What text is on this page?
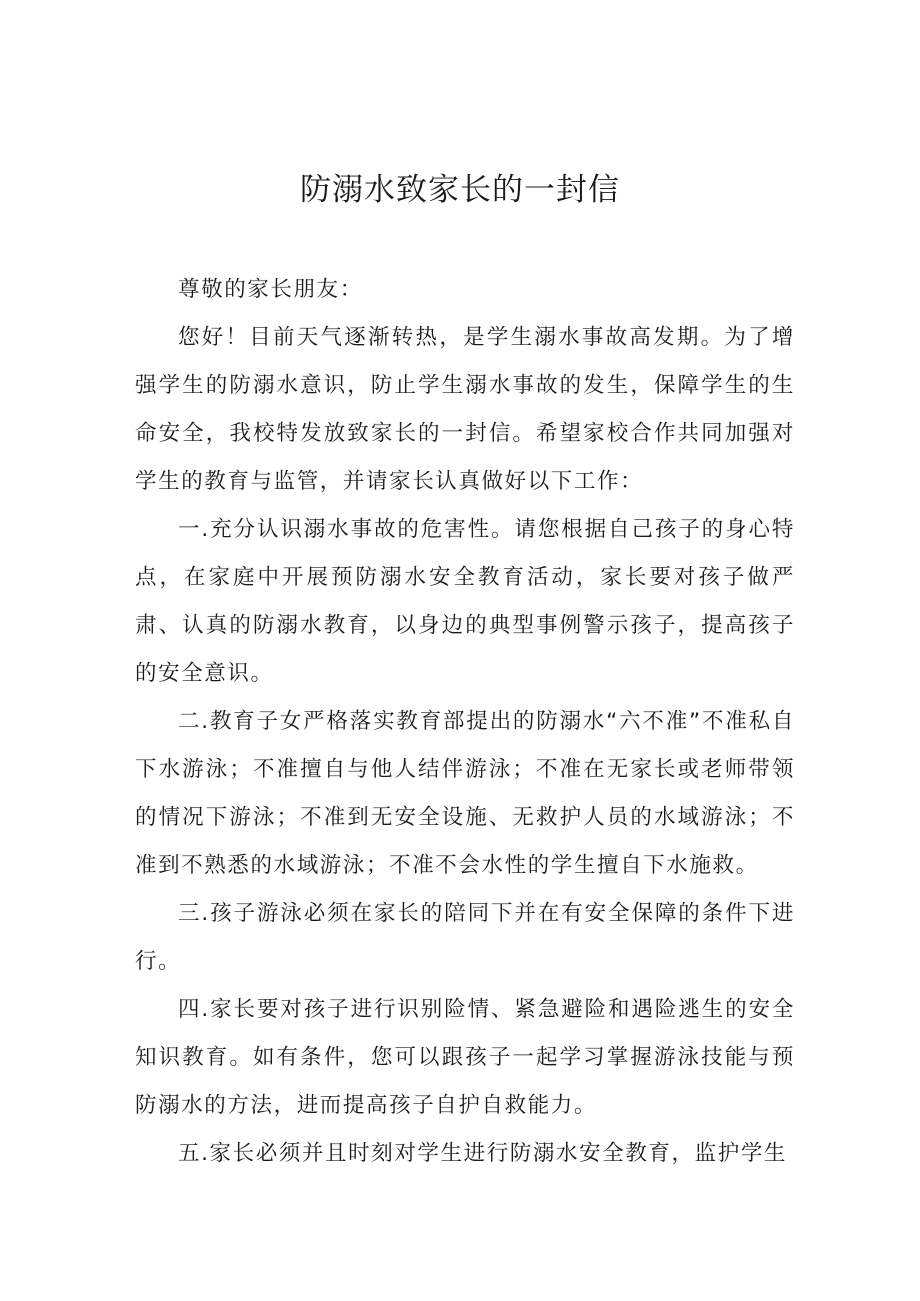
防溺水致家长的一封信

尊敬的家长朋友：

您好！目前天气逐渐转热，是学生溺水事故高发期。为了增强学生的防溺水意识，防止学生溺水事故的发生，保障学生的生命安全，我校特发放致家长的一封信。希望家校合作共同加强对学生的教育与监管，并请家长认真做好以下工作：

一.充分认识溺水事故的危害性。请您根据自己孩子的身心特点，在家庭中开展预防溺水安全教育活动，家长要对孩子做严肃、认真的防溺水教育，以身边的典型事例警示孩子，提高孩子的安全意识。

二.教育子女严格落实教育部提出的防溺水“六不准”不准私自下水游泳；不准擅自与他人结伴游泳；不准在无家长或老师带领的情况下游泳；不准到无安全设施、无救护人员的水域游泳；不准到不熟悉的水域游泳；不准不会水性的学生擅自下水施救。

三.孩子游泳必须在家长的陪同下并在有安全保障的条件下进行。

四.家长要对孩子进行识别险情、紧急避险和遇险逃生的安全知识教育。如有条件，您可以跟孩子一起学习掌握游泳技能与预防溺水的方法，进而提高孩子自护自救能力。

五.家长必须并且时刻对学生进行防溺水安全教育，监护学生
